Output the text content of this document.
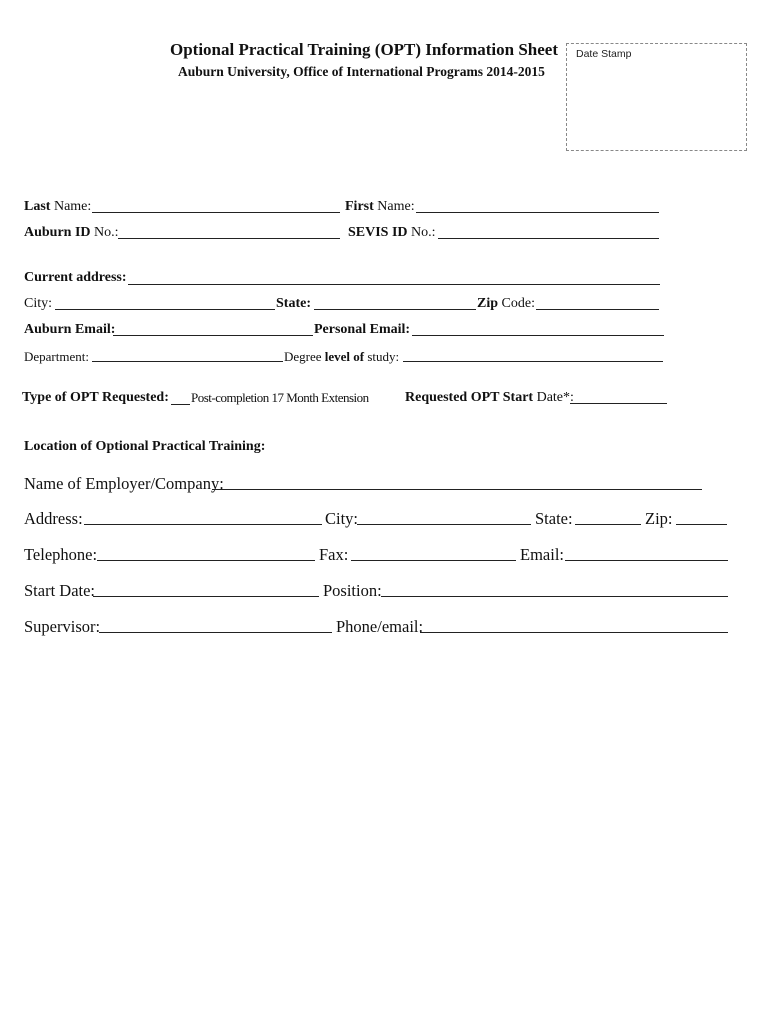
Optional Practical Training (OPT) Information Sheet
Auburn University, Office of International Programs 2014-2015
Date Stamp
Last Name:	First Name:
Auburn ID No.:	SEVIS ID No.:
Current address:
City:	State:	Zip Code:
Auburn Email:	Personal Email:
Department:	Degree level of study:
Type of OPT Requested: Post-completion 17 Month Extension	Requested OPT Start Date*:
Location of Optional Practical Training:
Name of Employer/Company:
Address:	City:	State:	Zip:
Telephone:	Fax:	Email:
Start Date:	Position:
Supervisor:	Phone/email:
